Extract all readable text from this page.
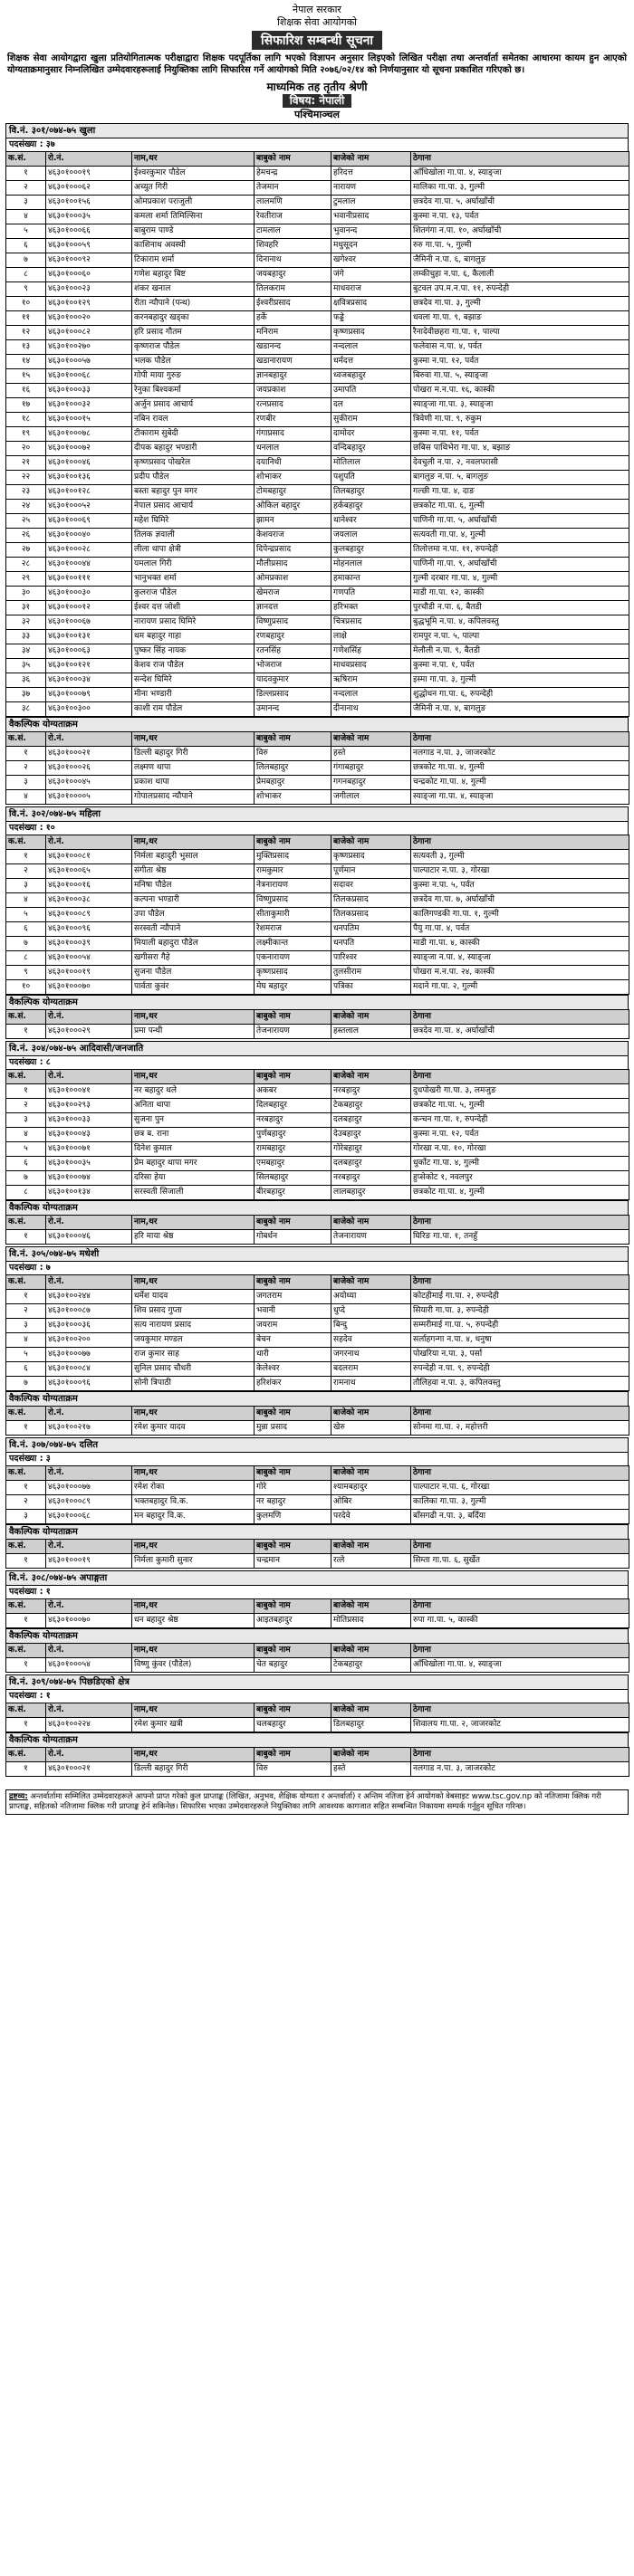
नेपाल सरकार
शिक्षक सेवा आयोगको
सिफारिश सम्बन्धी सूचना
शिक्षक सेवा आयोगद्वारा खुला प्रतियोगितात्मक परीक्षाद्वारा शिक्षक पदपूर्तिका लागि भएको विज्ञापन अनुसार लिइएको लिखित परीक्षा तथा अन्तर्वार्ता समेतका आधारमा कायम हुन आएको योग्यताक्रमानुसार निम्नलिखित उम्मेदवारहरूलाई नियुक्तिका लागि सिफारिस गर्ने आयोगको मिति २०७६/०२/१४ को निर्णयानुसार यो सूचना प्रकाशित गरिएको छ।
माध्यमिक तह तृतीय श्रेणी
विषय: नेपाली
पश्चिमाञ्चल
वि.नं. ३०१/०७४-७५ खुला
पदसंख्या : ३७
क.सं.	रो.नं.	नाम,थर	बाबुको नाम	बाजेको नाम	ठेगाना
१	४६३०१०००१९	ईश्वरकुमार पौडेल	हेमचन्द्र	हरिदत्त	आँधिखोला गा.पा. ४, स्याङ्जा
२	४६३०१०००६२	अच्युत गिरी	तेजमान	नारायण	मालिका गा.पा. ३, गुल्मी
३	४६३०१००१५६	ओमप्रकाश पराजुली	लालमणि	टुमलाल	छत्रदेव गा.पा. ५, अर्घाखाँची
४	४६३०१०००३५	कमला शर्मा तिमिल्सिना	रेवतीराज	भवानीप्रसाद	कुस्मा न.पा. १३, पर्वत
५	४६३०१०००६६	बाबुराम पाण्डे	टामलाल	भुवानन्द	शितगंगा न.पा. १०, अर्घाखाँची
६	४६३०१०००५९	काशिनाथ अवस्थी	शिवहरि	मधुसूदन	रुरु गा.पा. ५, गुल्मी
७	४६३०१०००९२	टिकाराम शर्मा	दिनानाथ	खगेश्वर	जैमिनी न.पा. ६, बागलुङ
८	४६३०१०००६०	गणेश बहादुर बिष्ट	जयबहादुर	जंगे	लम्कीचुहा न.पा. ६, कैलाली
९	४६३०१०००२३	शंकर खनाल	तिलकराम	माधवराज	बुटवल उप.म.न.पा. ११, रुपन्देही
१०	४६३०१००१२९	रीता न्यौपाने (पन्थ)	ईश्वरीप्रसाद	क्षवित्रप्रसाद	छत्रदेव गा.पा. ३, गुल्मी
११	४६३०१०००२०	करनबहादुर खड्का	हर्के	फड्डे	धवला गा.पा. ९, बझाङ
१२	४६३०१०००८२	हरि प्रसाद गौतम	मनिराम	कृष्णप्रसाद	रैनादेवीछहरा गा.पा. १, पाल्पा
१३	४६३०१००२७०	कृष्णराज पौडेल	खडानन्द	नन्दलाल	फलेवास न.पा. ४, पर्वत
१४	४६३०१०००५७	भलक पौडेल	खडानारायण	धर्मदत्त	कुस्मा न.पा. १२, पर्वत
१५	४६३०१०००६८	गोपी माया गुरुङ	ज्ञानबहादुर	ध्वजबहादुर	बिरुवा गा.पा. ५, स्याङ्जा
१६	४६३०१०००३३	रेनुका बिश्वकर्मा	जयप्रकाश	उमापति	पोखरा म.न.पा. १६, कास्की
१७	४६३०१०००३२	अर्जुन प्रसाद आचार्य	रत्नप्रसाद	दल	स्याङ्जा गा.पा. ३, स्याङ्जा
१८	४६३०१०००१५	नबिन रावल	रणबीर	सुकीराम	त्रिवेणी गा.पा. ९, रुकुम
१९	४६३०१०००७८	टीकाराम सुबेदी	गंगाप्रसाद	दामोदर	कुस्मा न.पा. ११, पर्वत
२०	४६३०१०००७२	दीपक बहादुर भण्डारी	धनलाल	वन्दिबहादुर	छबिस पाथिभेरा गा.पा. ४, बझाङ
२१	४६३०१०००४६	कृष्णप्रसाद पोखरेल	दयानिधी	मोतिलाल	देवचुली न.पा. २, नवलपरासी
२२	४६३०१००१३६	प्रदीप पौडेल	शोभाकर	पशुपति	बागलुङ न.पा. ५, बागलुङ
२३	४६३०१००१२८	बस्ता बहादुर पुन मगर	टोमबहादुर	तिलबहादुर	गल्छी गा.पा. ४, दाङ
२४	४६३०१०००५२	नेपाल प्रसाद आचार्य	ओकिल बहादुर	हर्कबहादुर	छत्रकोट गा.पा. ६, गुल्मी
२५	४६३०१०००६९	महेश घिमिरे	झामन	थानेश्वर	पाणिनी गा.पा. ५, अर्घाखाँची
२६	४६३०१०००४०	तिलक ज्ञवाली	केशवराज	जयलाल	सत्यवती गा.पा. ४, गुल्मी
२७	४६३०१०००२८	लीला थापा क्षेत्री	दिपेन्द्रप्रसाद	कुलबहादुर	तिलोत्तमा न.पा. ११, रुपन्देही
२८	४६३०१०००४४	यमलाल गिरी	मौलीप्रसाद	मोहनलाल	पाणिनी गा.पा. ९, अर्घाखाँची
२९	४६३०१००१११	भानुभक्त शर्मा	ओमप्रकाश	हमाकान्त	गुल्मी दरबार गा.पा. ४, गुल्मी
३०	४६३०१०००३०	कुलराज पौडेल	खेमराज	गणपति	माडी गा.पा. १२, कास्की
३१	४६३०१०००१२	ईश्वर दत्त जोशी	ज्ञानदत्त	हरिभक्त	पुरचौडी न.पा. ६, बैतडी
३२	४६३०१०००६७	नारायण प्रसाद घिमिरे	विष्णुप्रसाद	चित्रप्रसाद	बुद्धभूमि न.पा. ४, कपिलवस्तु
३३	४६३०१००१३१	थम बहादुर गाहा	रणबहादुर	लाक्षे	रामपुर न.पा. ५, पाल्पा
३४	४६३०१०००६३	पुष्कर सिंह नायक	रतनसिंह	गणेशसिंह	मेलौली न.पा. ९, बैतडी
३५	४६३०१००१२१	केशव राज पौडेल	भोजराज	माधवप्रसाद	कुस्मा न.पा. १, पर्वत
३६	४६३०१०००३४	सन्देश घिमिरे	यादवकुमार	ऋषिराम	इस्मा गा.पा. ३, गुल्मी
३७	४६३०१०००७९	मीना भण्डारी	डिल्लप्रसाद	नन्दलाल	शुद्धोधन गा.पा. ६, रुपन्देही
३८	४६३०१००३००	काशी राम पौडेल	उमानन्द	दीनानाथ	जैमिनी न.पा. ४, बागलुङ
वैकल्पिक योग्यताक्रम
क.सं.	रो.नं.	नाम,थर	बाबुको नाम	बाजेको नाम	ठेगाना
१	४६३०१०००२१	डिल्ली बहादुर गिरी	विरु	हस्ते	नलगाड न.पा. ३, जाजरकोट
२	४६३०१०००२६	लक्ष्मण थापा	लिलबहादुर	गंगाबहादुर	छत्रकोट गा.पा. ४, गुल्मी
३	४६३०१०००४५	प्रकाश थापा	प्रेमबहादुर	गगनबहादुर	चन्द्रकोट गा.पा. ४, गुल्मी
४	४६३०१००००५	गोपालप्रसाद न्यौपाने	शोभाकर	जगीलाल	स्याङ्जा गा.पा. ४, स्याङ्जा
वि.नं. ३०२/०७४-७५ महिला
पदसंख्या : १०
क.सं.	रो.नं.	नाम,थर	बाबुको नाम	बाजेको नाम	ठेगाना
१	४६३०१०००८१	निर्मला बहादुरी भुसाल	मुक्तिप्रसाद	कृष्णप्रसाद	सत्यवती ३, गुल्मी
२	४६३०१०००६५	संगीता श्रेष्ठ	रामकुमार	पूर्णमान	पाल्पाटार न.पा. ३, गोरखा
३	४६३०१०००१६	मनिषा पौडेल	नेत्रनारायण	सदावर	कुस्मा न.पा. ५, पर्वत
४	४६३०१०००३८	कल्पना भण्डारी	विष्णुप्रसाद	तिलकप्रसाद	छत्रदेव गा.पा. ७, अर्घाखाँची
५	४६३०१०००८९	उपा पौडेल	सीताकुमारी	तिलकप्रसाद	कालिगण्डकी गा.पा. १, गुल्मी
६	४६३०१०००९६	सरस्वती न्यौपाने	रेशमराज	धनपतिम	पैयु गा.पा. ४, पर्वत
७	४६३०१०००३९	मियाली बहादुरा पौडेल	लक्ष्मीकान्त	धनपति	माडी गा.पा. ४, कास्की
८	४६३०१०००५४	खगीसरा गैहे	एकनारायण	पारिश्वर	स्याङ्जा न.पा. ४, स्याङ्जा
९	४६३०१०००१९	सुजना पौडेल	कृष्णप्रसाद	तुलसीराम	पोखरा म.न.पा. २४, कास्की
१०	४६३०१०००७०	पार्वता कुवंर	मेघ बहादुर	पत्रिका	मदाने गा.पा. २, गुल्मी
वैकल्पिक योग्यताक्रम
क.सं.	रो.नं.	नाम,थर	बाबुको नाम	बाजेको नाम	ठेगाना
१	४६३०१०००२९	प्रमा पन्थी	तेजनारायण	हस्तलाल	छत्रदेव गा.पा. ४, अर्घाखाँची
वि.नं. ३०४/०७४-७५ आदिवासी/जनजाति
पदसंख्या : ८
क.सं.	रो.नं.	नाम,थर	बाबुको नाम	बाजेको नाम	ठेगाना
१	४६३०१०००४१	नर बहादुर थले	अकबर	नरबहादुर	दुधपोखरी गा.पा. ३, लमजुङ
२	४६३०१००२९३	अनिता थापा	दिलबहादुर	टेकबहादुर	छत्रकोट गा.पा. ५, गुल्मी
३	४६३०१०००३३	सुजना पुन	नरबहादुर	दलबहादुर	कन्चन गा.पा. १, रुपन्देही
४	४६३०१०००४३	छत्र ब. राना	पुर्णबहादुर	देउबहादुर	कुस्मा न.पा. १२, पर्वत
५	४६३०१०००७१	दिनेश कुमाल	रामबहादुर	गोरेबहादुर	गोरखा न.पा. १०, गोरखा
६	४६३०१०००३५	प्रेम बहादुर थापा मगर	एमबहादुर	दलबहादुर	धुर्कोट गा.पा. ४, गुल्मी
७	४६३०१०००७४	दरिसा हेया	सिलबहादुर	नरबहादुर	हुप्सेकोट १, नवलपुर
८	४६३०१००१३४	सरस्वती सिजाली	बीरबहादुर	लालबहादुर	छत्रकोट गा.पा. ४, गुल्मी
वैकल्पिक योग्यताक्रम
क.सं.	रो.नं.	नाम,थर	बाबुको नाम	बाजेको नाम	ठेगाना
१	४६३०१०००४६	हरि माया श्रेष्ठ	गोबर्धन	तेजनारायण	घिरिङ गा.पा. १, तनहुँ
वि.नं. ३०५/०७४-७५ मधेशी
पदसंख्या : ७
क.सं.	रो.नं.	नाम,थर	बाबुको नाम	बाजेको नाम	ठेगाना
१	४६३०१००२४४	धर्मेश यादव	जगतराम	अयोध्या	कोटहीमाई गा.पा. २, रुपन्देही
२	४६३०१०००८७	शिव प्रसाद गुप्ता	भवानी	धुप्दे	सियारी गा.पा. ३, रुपन्देही
३	४६३०१०००३६	सत्य नारायण प्रसाद	जयराम	बिन्दु	सम्मरीमाई गा.पा. ५, रुपन्देही
४	४६३०१००२००	जयकुमार मण्डल	बेचन	सहदेव	सर्लाहगन्गा न.पा. ४, धनुषा
५	४६३०१०००७७	राज कुमार साह	धारी	जगरनाथ	पोखरिया न.पा. ३, पर्सा
६	४६३०१०००८४	सुनिल प्रसाद चौधरी	केलेश्वर	बदलराम	रुपन्देही न.पा. ९, रुपन्देही
७	४६३०१०००९६	सोनी त्रिपाठी	हरिशंकर	रामनाथ	तौलिहवा न.पा. ३, कपिलवस्तु
वैकल्पिक योग्यताक्रम
क.सं.	रो.नं.	नाम,थर	बाबुको नाम	बाजेको नाम	ठेगाना
१	४६३०१००२१७	रमेश कुमार यादव	मुन्ना प्रसाद	खेरु	सोनमा गा.पा. २, महोत्तरी
वि.नं. ३०७/०७४-७५ दलित
पदसंख्या : ३
क.सं.	रो.नं.	नाम,थर	बाबुको नाम	बाजेको नाम	ठेगाना
१	४६३०१०००७७	रमेश रोका	गोरे	श्यामबहादुर	पाल्पाटार न.पा. ६, गोरखा
२	४६३०१०००८९	भक्तबहादुर वि.क.	नर बहादुर	ओबिर	कालिका गा.पा. ३, गुल्मी
३	४६३०१०००६८	मन बहादुर वि.क.	कुलमणि	परदेवे	बाँसगढी न.पा. ३, बर्दिया
वैकल्पिक योग्यताक्रम
क.सं.	रो.नं.	नाम,थर	बाबुको नाम	बाजेको नाम	ठेगाना
१	४६३०१०००१९	निर्मला कुमारी सुनार	चन्द्रमान	रत्ले	सिम्ता गा.पा. ६, सुर्खेत
वि.नं. ३०८/०७४-७५ अपाङ्गता
पदसंख्या : १
क.सं.	रो.नं.	नाम,थर	बाबुको नाम	बाजेको नाम	ठेगाना
१	४६३०१०००७०	धन बहादुर श्रेष्ठ	आइतबहादुर	मोतिप्रसाद	रुपा गा.पा. ५, कास्की
वैकल्पिक योग्यताक्रम
क.सं.	रो.नं.	नाम,थर	बाबुको नाम	बाजेको नाम	ठेगाना
१	४६३०१०००५४	विष्णु कुंवर (पौडेल)	चेत बहादुर	टेकबहादुर	आँधिखोला गा.पा. ४, स्याङ्जा
वि.नं. ३०९/०७४-७५ पिछडिएको क्षेत्र
पदसंख्या : १
क.सं.	रो.नं.	नाम,थर	बाबुको नाम	बाजेको नाम	ठेगाना
१	४६३०१००२२४	रमेश कुमार खत्री	चलबहादुर	डिलबहादुर	शिवालय गा.पा. २, जाजरकोट
वैकल्पिक योग्यताक्रम
क.सं.	रो.नं.	नाम,थर	बाबुको नाम	बाजेको नाम	ठेगाना
१	४६३०१०००२१	डिल्ली बहादुर गिरी	विरु	हस्ते	नलगाड न.पा. ३, जाजरकोट
द्रष्टव्य: अन्तर्वार्तामा सम्मिलित उम्मेदवारहरूले आफ्नो प्राप्त गरेको कुल प्राप्ताङ्क (लिखित, अनुभव, शैक्षिक योग्यता र अन्तर्वार्ता) र अन्तिम नतिजा हेर्न आयोगको वेबसाइट www.tsc.gov.np को नतिजामा क्लिक गरी प्राप्ताङ्क, सहितको नतिजामा क्लिक गरी प्राप्ताङ्क हेर्न सकिनेछ। सिफारिस भएका उम्मेदवारहरूले नियुक्तिका लागि आवश्यक कागजात सहित सम्बन्धित निकायमा सम्पर्क गर्नुहुन सूचित गरिन्छ।
